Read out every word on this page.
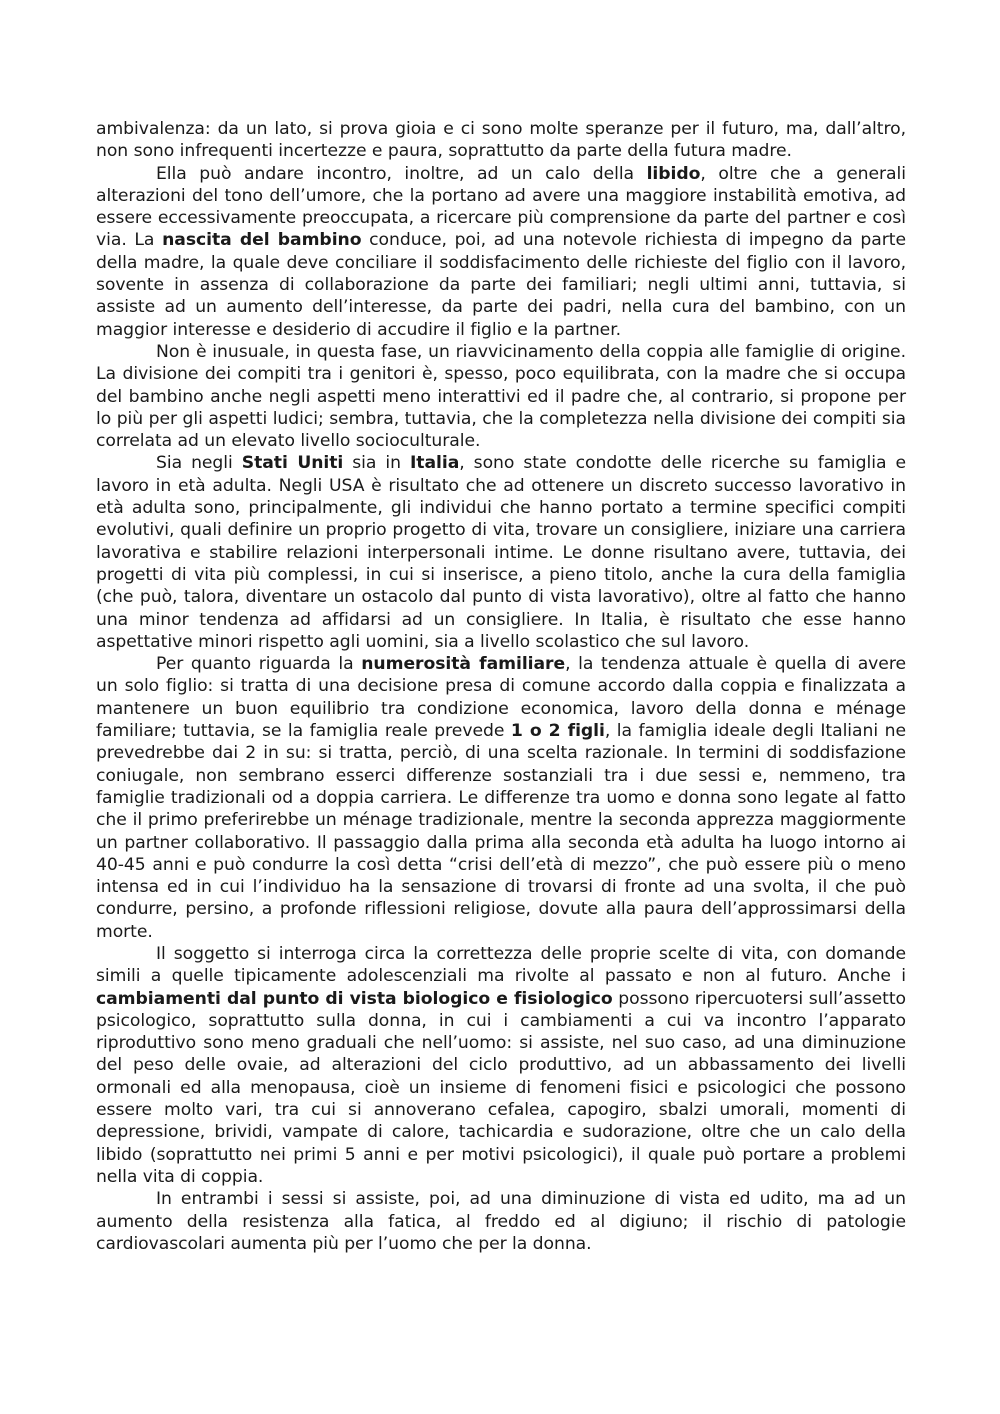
ambivalenza: da un lato, si prova gioia e ci sono molte speranze per il futuro, ma, dall’altro, non sono infrequenti incertezze e paura, soprattutto da parte della futura madre.

Ella può andare incontro, inoltre, ad un calo della libido, oltre che a generali alterazioni del tono dell’umore, che la portano ad avere una maggiore instabilità emotiva, ad essere eccessivamente preoccupata, a ricercare più comprensione da parte del partner e così via. La nascita del bambino conduce, poi, ad una notevole richiesta di impegno da parte della madre, la quale deve conciliare il soddisfacimento delle richieste del figlio con il lavoro, sovente in assenza di collaborazione da parte dei familiari; negli ultimi anni, tuttavia, si assiste ad un aumento dell’interesse, da parte dei padri, nella cura del bambino, con un maggior interesse e desiderio di accudire il figlio e la partner.

Non è inusuale, in questa fase, un riavvicinamento della coppia alle famiglie di origine. La divisione dei compiti tra i genitori è, spesso, poco equilibrata, con la madre che si occupa del bambino anche negli aspetti meno interattivi ed il padre che, al contrario, si propone per lo più per gli aspetti ludici; sembra, tuttavia, che la completezza nella divisione dei compiti sia correlata ad un elevato livello socioculturale.

Sia negli Stati Uniti sia in Italia, sono state condotte delle ricerche su famiglia e lavoro in età adulta. Negli USA è risultato che ad ottenere un discreto successo lavorativo in età adulta sono, principalmente, gli individui che hanno portato a termine specifici compiti evolutivi, quali definire un proprio progetto di vita, trovare un consigliere, iniziare una carriera lavorativa e stabilire relazioni interpersonali intime. Le donne risultano avere, tuttavia, dei progetti di vita più complessi, in cui si inserisce, a pieno titolo, anche la cura della famiglia (che può, talora, diventare un ostacolo dal punto di vista lavorativo), oltre al fatto che hanno una minor tendenza ad affidarsi ad un consigliere. In Italia, è risultato che esse hanno aspettative minori rispetto agli uomini, sia a livello scolastico che sul lavoro.

Per quanto riguarda la numerosità familiare, la tendenza attuale è quella di avere un solo figlio: si tratta di una decisione presa di comune accordo dalla coppia e finalizzata a mantenere un buon equilibrio tra condizione economica, lavoro della donna e ménage familiare; tuttavia, se la famiglia reale prevede 1 o 2 figli, la famiglia ideale degli Italiani ne prevedrebbe dai 2 in su: si tratta, perciò, di una scelta razionale. In termini di soddisfazione coniugale, non sembrano esserci differenze sostanziali tra i due sessi e, nemmeno, tra famiglie tradizionali od a doppia carriera. Le differenze tra uomo e donna sono legate al fatto che il primo preferirebbe un ménage tradizionale, mentre la seconda apprezza maggiormente un partner collaborativo. Il passaggio dalla prima alla seconda età adulta ha luogo intorno ai 40-45 anni e può condurre la così detta “crisi dell’età di mezzo”, che può essere più o meno intensa ed in cui l’individuo ha la sensazione di trovarsi di fronte ad una svolta, il che può condurre, persino, a profonde riflessioni religiose, dovute alla paura dell’approssimarsi della morte.

Il soggetto si interroga circa la correttezza delle proprie scelte di vita, con domande simili a quelle tipicamente adolescenziali ma rivolte al passato e non al futuro. Anche i cambiamenti dal punto di vista biologico e fisiologico possono ripercuotersi sull’assetto psicologico, soprattutto sulla donna, in cui i cambiamenti a cui va incontro l’apparato riproduttivo sono meno graduali che nell’uomo: si assiste, nel suo caso, ad una diminuzione del peso delle ovaie, ad alterazioni del ciclo produttivo, ad un abbassamento dei livelli ormonali ed alla menopausa, cioè un insieme di fenomeni fisici e psicologici che possono essere molto vari, tra cui si annoverano cefalea, capogiro, sbalzi umorali, momenti di depressione, brividi, vampate di calore, tachicardia e sudorazione, oltre che un calo della libido (soprattutto nei primi 5 anni e per motivi psicologici), il quale può portare a problemi nella vita di coppia.

In entrambi i sessi si assiste, poi, ad una diminuzione di vista ed udito, ma ad un aumento della resistenza alla fatica, al freddo ed al digiuno; il rischio di patologie cardiovascolari aumenta più per l’uomo che per la donna.
